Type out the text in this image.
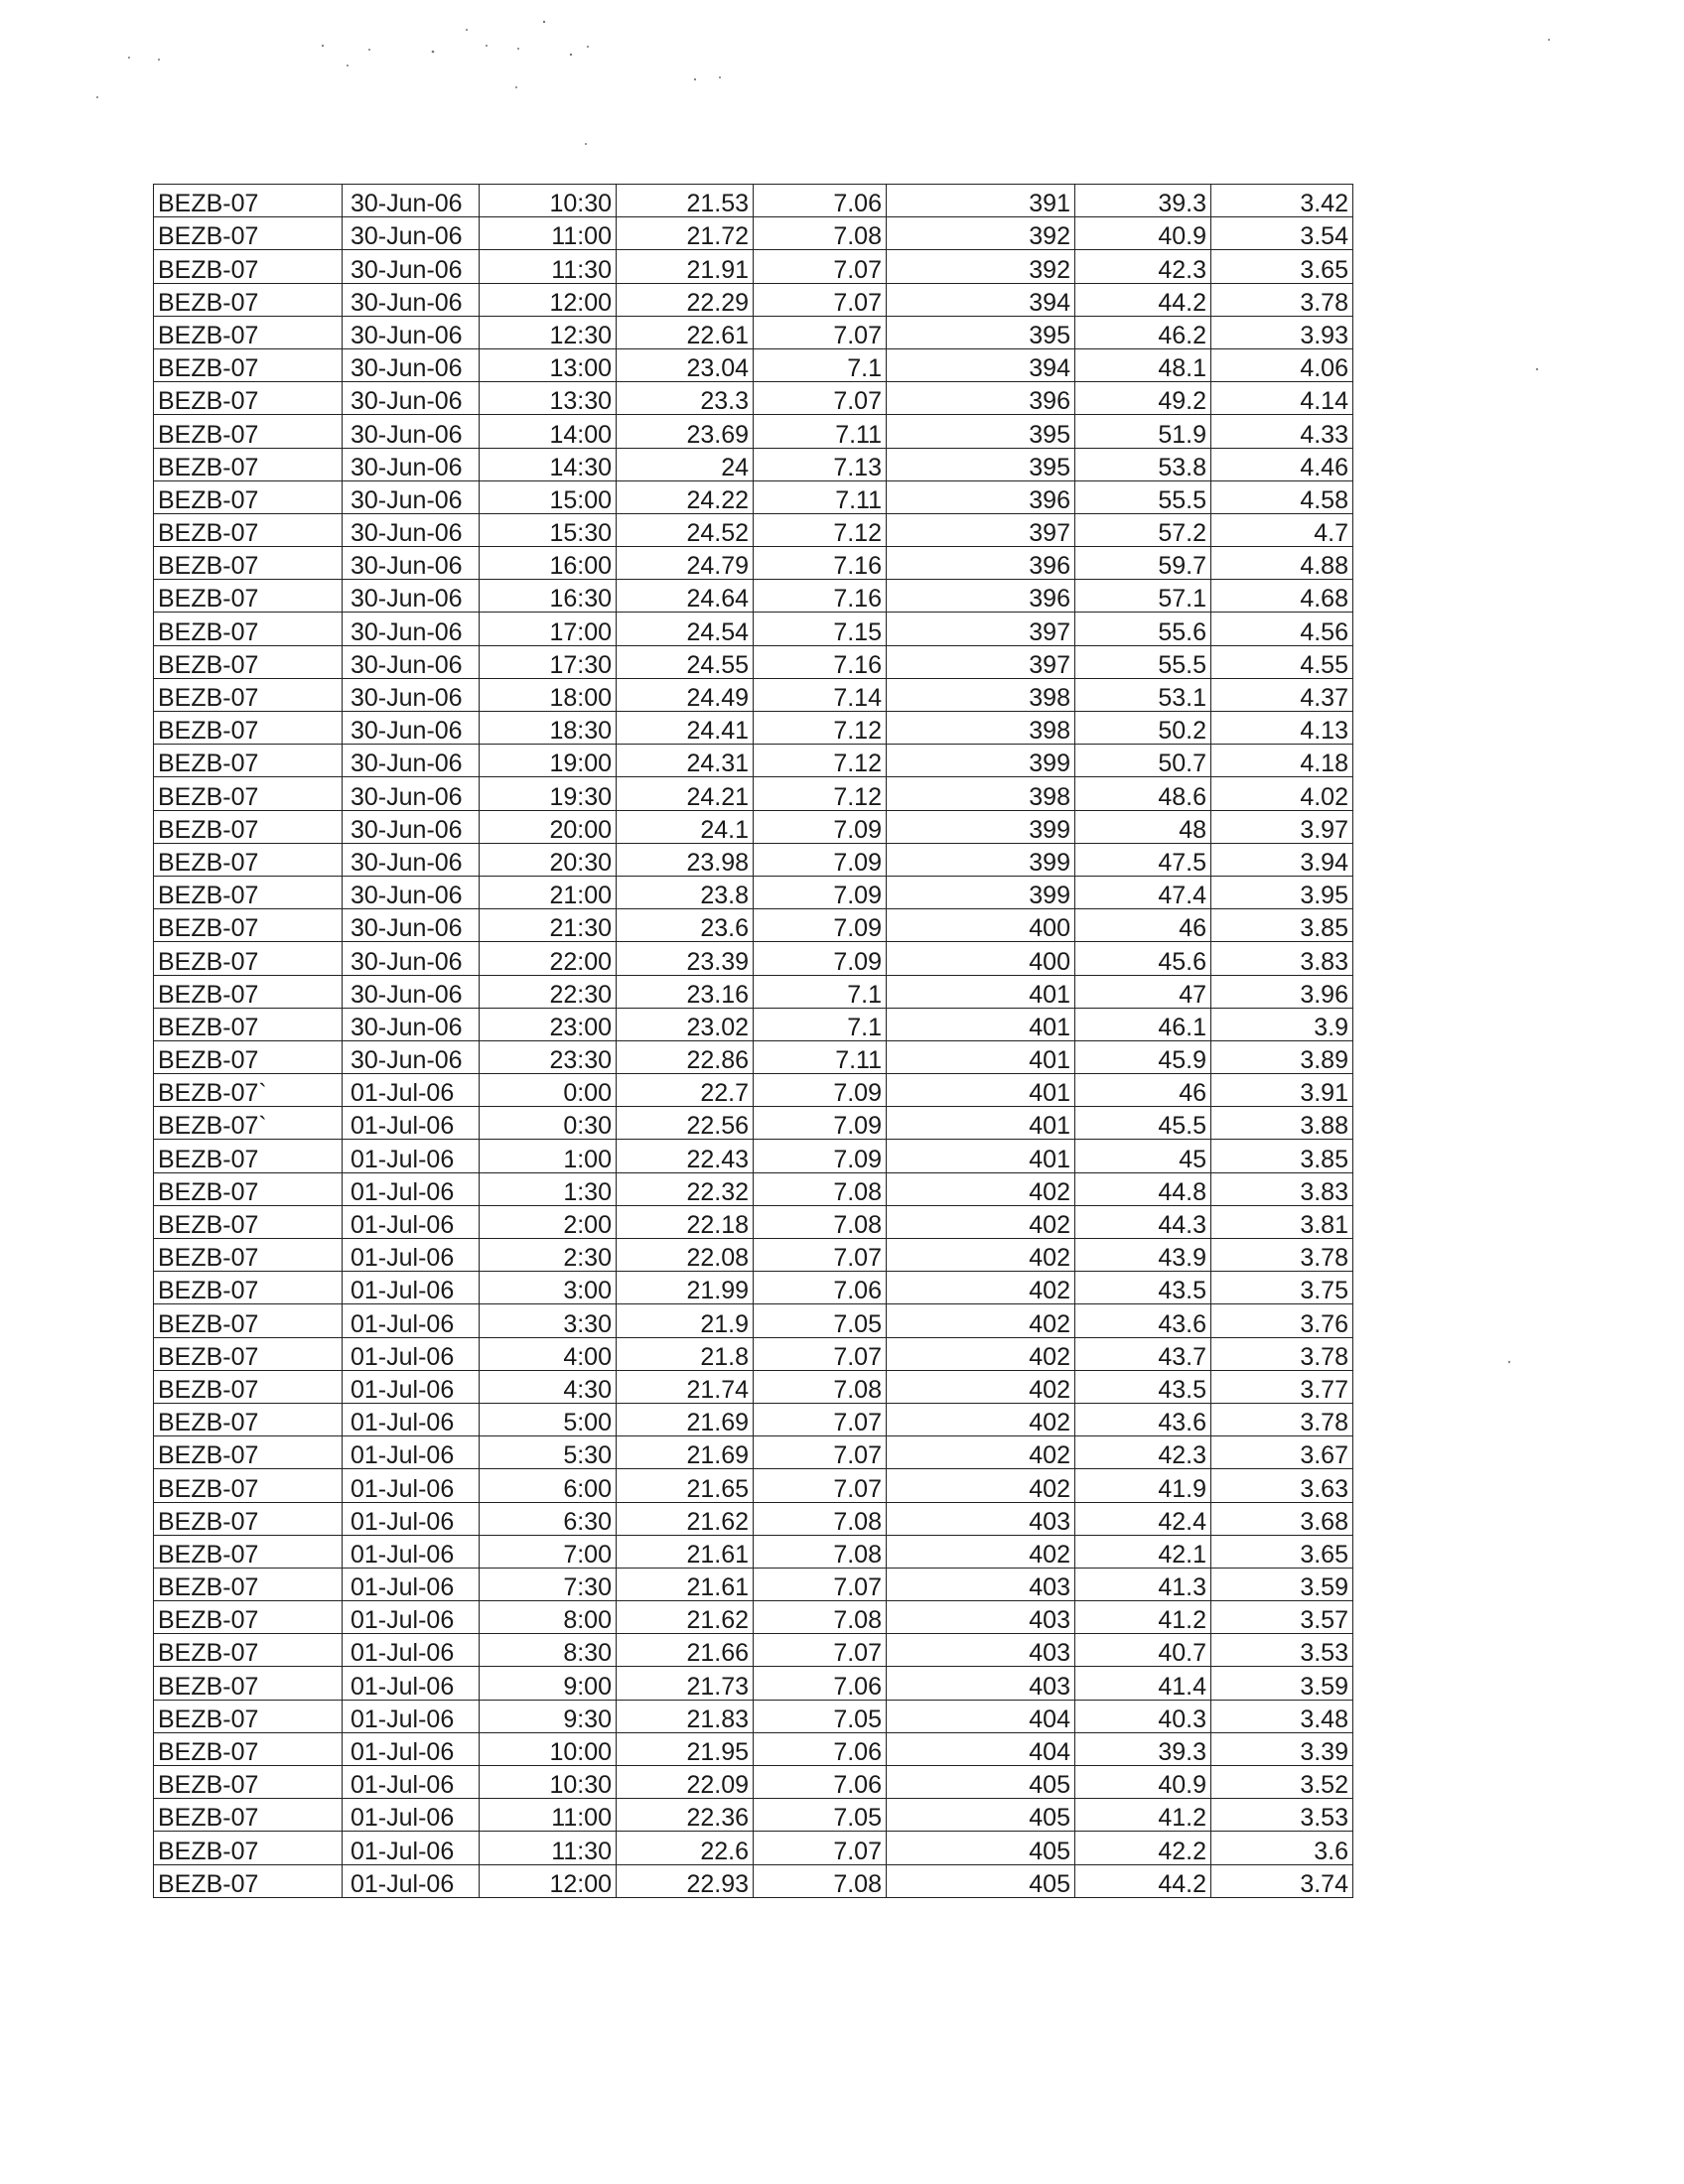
BEZB-07	30-Jun-06	10:30	21.53	7.06	391	39.3	3.42
BEZB-07	30-Jun-06	11:00	21.72	7.08	392	40.9	3.54
BEZB-07	30-Jun-06	11:30	21.91	7.07	392	42.3	3.65
BEZB-07	30-Jun-06	12:00	22.29	7.07	394	44.2	3.78
BEZB-07	30-Jun-06	12:30	22.61	7.07	395	46.2	3.93
BEZB-07	30-Jun-06	13:00	23.04	7.1	394	48.1	4.06
BEZB-07	30-Jun-06	13:30	23.3	7.07	396	49.2	4.14
BEZB-07	30-Jun-06	14:00	23.69	7.11	395	51.9	4.33
BEZB-07	30-Jun-06	14:30	24	7.13	395	53.8	4.46
BEZB-07	30-Jun-06	15:00	24.22	7.11	396	55.5	4.58
BEZB-07	30-Jun-06	15:30	24.52	7.12	397	57.2	4.7
BEZB-07	30-Jun-06	16:00	24.79	7.16	396	59.7	4.88
BEZB-07	30-Jun-06	16:30	24.64	7.16	396	57.1	4.68
BEZB-07	30-Jun-06	17:00	24.54	7.15	397	55.6	4.56
BEZB-07	30-Jun-06	17:30	24.55	7.16	397	55.5	4.55
BEZB-07	30-Jun-06	18:00	24.49	7.14	398	53.1	4.37
BEZB-07	30-Jun-06	18:30	24.41	7.12	398	50.2	4.13
BEZB-07	30-Jun-06	19:00	24.31	7.12	399	50.7	4.18
BEZB-07	30-Jun-06	19:30	24.21	7.12	398	48.6	4.02
BEZB-07	30-Jun-06	20:00	24.1	7.09	399	48	3.97
BEZB-07	30-Jun-06	20:30	23.98	7.09	399	47.5	3.94
BEZB-07	30-Jun-06	21:00	23.8	7.09	399	47.4	3.95
BEZB-07	30-Jun-06	21:30	23.6	7.09	400	46	3.85
BEZB-07	30-Jun-06	22:00	23.39	7.09	400	45.6	3.83
BEZB-07	30-Jun-06	22:30	23.16	7.1	401	47	3.96
BEZB-07	30-Jun-06	23:00	23.02	7.1	401	46.1	3.9
BEZB-07	30-Jun-06	23:30	22.86	7.11	401	45.9	3.89
BEZB-07`	01-Jul-06	0:00	22.7	7.09	401	46	3.91
BEZB-07`	01-Jul-06	0:30	22.56	7.09	401	45.5	3.88
BEZB-07	01-Jul-06	1:00	22.43	7.09	401	45	3.85
BEZB-07	01-Jul-06	1:30	22.32	7.08	402	44.8	3.83
BEZB-07	01-Jul-06	2:00	22.18	7.08	402	44.3	3.81
BEZB-07	01-Jul-06	2:30	22.08	7.07	402	43.9	3.78
BEZB-07	01-Jul-06	3:00	21.99	7.06	402	43.5	3.75
BEZB-07	01-Jul-06	3:30	21.9	7.05	402	43.6	3.76
BEZB-07	01-Jul-06	4:00	21.8	7.07	402	43.7	3.78
BEZB-07	01-Jul-06	4:30	21.74	7.08	402	43.5	3.77
BEZB-07	01-Jul-06	5:00	21.69	7.07	402	43.6	3.78
BEZB-07	01-Jul-06	5:30	21.69	7.07	402	42.3	3.67
BEZB-07	01-Jul-06	6:00	21.65	7.07	402	41.9	3.63
BEZB-07	01-Jul-06	6:30	21.62	7.08	403	42.4	3.68
BEZB-07	01-Jul-06	7:00	21.61	7.08	402	42.1	3.65
BEZB-07	01-Jul-06	7:30	21.61	7.07	403	41.3	3.59
BEZB-07	01-Jul-06	8:00	21.62	7.08	403	41.2	3.57
BEZB-07	01-Jul-06	8:30	21.66	7.07	403	40.7	3.53
BEZB-07	01-Jul-06	9:00	21.73	7.06	403	41.4	3.59
BEZB-07	01-Jul-06	9:30	21.83	7.05	404	40.3	3.48
BEZB-07	01-Jul-06	10:00	21.95	7.06	404	39.3	3.39
BEZB-07	01-Jul-06	10:30	22.09	7.06	405	40.9	3.52
BEZB-07	01-Jul-06	11:00	22.36	7.05	405	41.2	3.53
BEZB-07	01-Jul-06	11:30	22.6	7.07	405	42.2	3.6
BEZB-07	01-Jul-06	12:00	22.93	7.08	405	44.2	3.74
